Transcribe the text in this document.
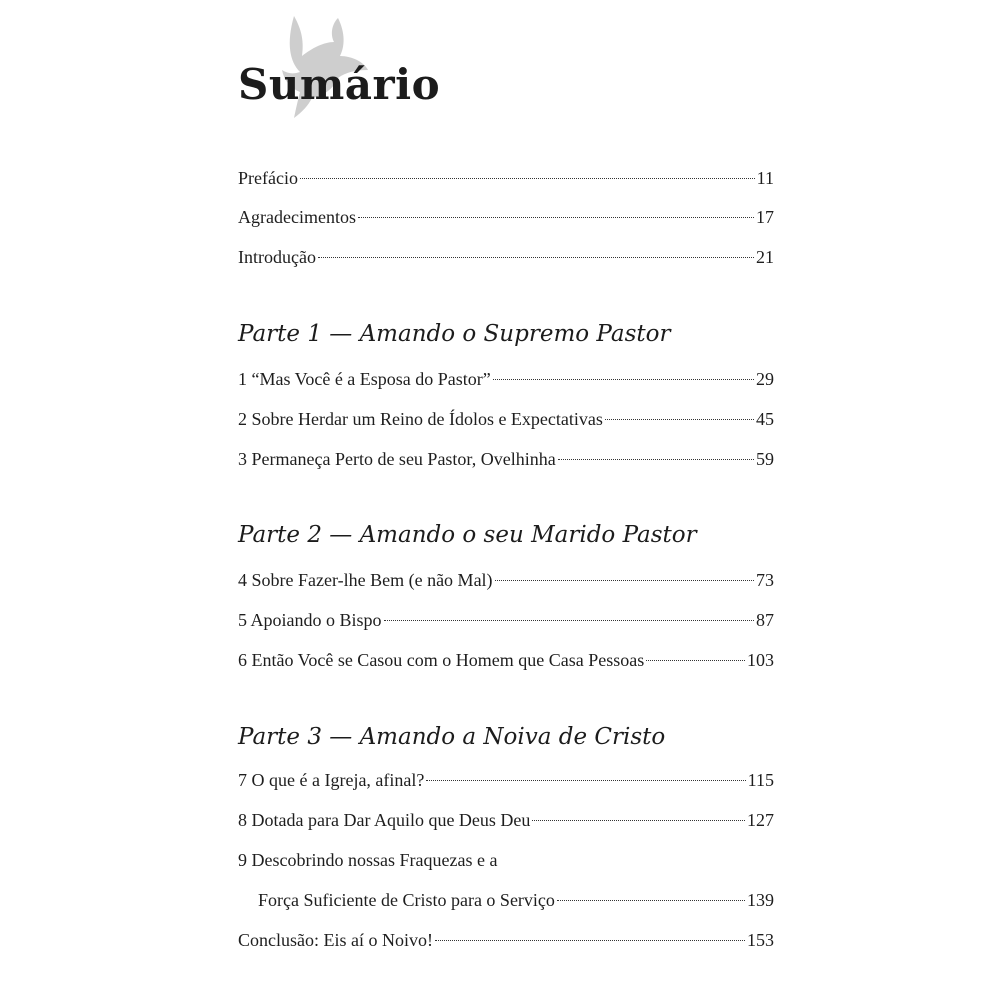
Sumário
Prefácio	11
Agradecimentos	17
Introdução	21
Parte 1 — Amando o Supremo Pastor
1 “Mas Você é a Esposa do Pastor”	29
2 Sobre Herdar um Reino de Ídolos e Expectativas	45
3 Permaneça Perto de seu Pastor, Ovelhinha	59
Parte 2 — Amando o seu Marido Pastor
4 Sobre Fazer-lhe Bem (e não Mal)	73
5 Apoiando o Bispo	87
6 Então Você se Casou com o Homem que Casa Pessoas	103
Parte 3 — Amando a Noiva de Cristo
7 O que é a Igreja, afinal?	115
8 Dotada para Dar Aquilo que Deus Deu	127
9 Descobrindo nossas Fraquezas e a
Força Suficiente de Cristo para o Serviço	139
Conclusão: Eis aí o Noivo!	153
